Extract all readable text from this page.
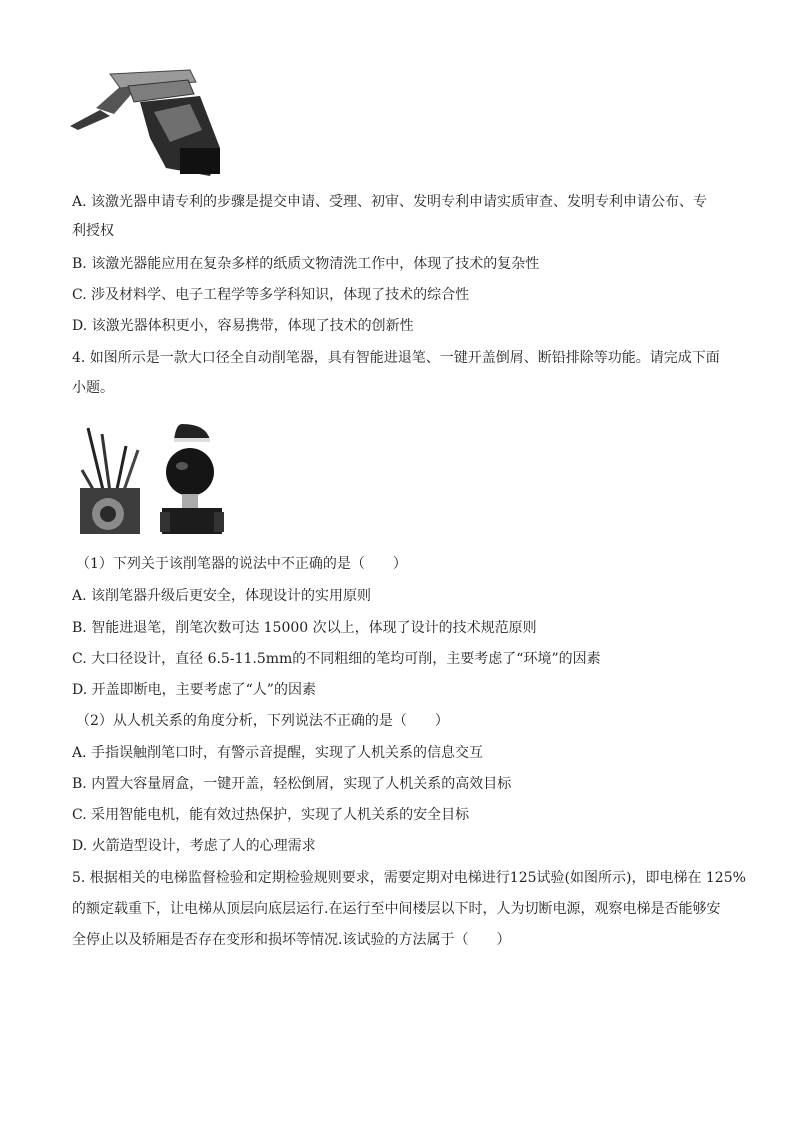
A. 该激光器申请专利的步骤是提交申请、受理、初审、发明专利申请实质审查、发明专利申请公布、专
利授权
B. 该激光器能应用在复杂多样的纸质文物清洗工作中，体现了技术的复杂性
C. 涉及材料学、电子工程学等多学科知识，体现了技术的综合性
D. 该激光器体积更小，容易携带，体现了技术的创新性
4. 如图所示是一款大口径全自动削笔器，具有智能进退笔、一键开盖倒屑、断铅排除等功能。请完成下面
小题。
（1）下列关于该削笔器的说法中不正确的是（　　）
A. 该削笔器升级后更安全，体现设计的实用原则
B. 智能进退笔，削笔次数可达 15000 次以上，体现了设计的技术规范原则
C. 大口径设计，直径 6.5-11.5mm的不同粗细的笔均可削，主要考虑了“环境”的因素
D. 开盖即断电，主要考虑了“人”的因素
（2）从人机关系的角度分析，下列说法不正确的是（　　）
A. 手指误触削笔口时，有警示音提醒，实现了人机关系的信息交互
B. 内置大容量屑盒，一键开盖，轻松倒屑，实现了人机关系的高效目标
C. 采用智能电机，能有效过热保护，实现了人机关系的安全目标
D. 火箭造型设计，考虑了人的心理需求
5. 根据相关的电梯监督检验和定期检验规则要求，需要定期对电梯进行125试验(如图所示)，即电梯在 125%
的额定载重下，让电梯从顶层向底层运行.在运行至中间楼层以下时，人为切断电源，观察电梯是否能够安
全停止以及轿厢是否存在变形和损坏等情况.该试验的方法属于（　　）
